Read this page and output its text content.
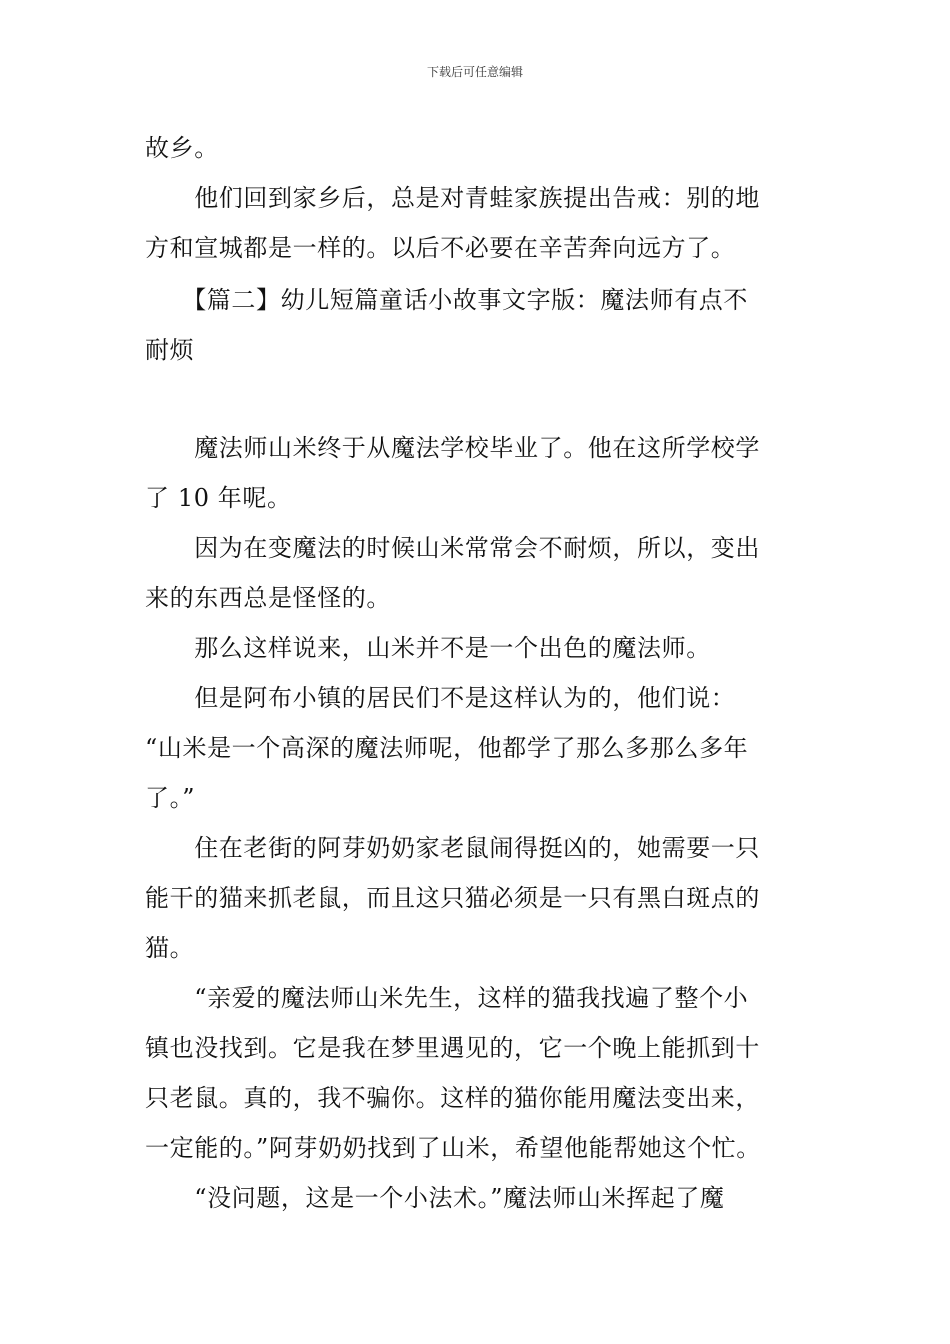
下载后可任意编辑
故乡。
　　他们回到家乡后，总是对青蛙家族提出告戒：别的地
方和宣城都是一样的。以后不必要在辛苦奔向远方了。
　　【篇二】幼儿短篇童话小故事文字版：魔法师有点不
耐烦
　　魔法师山米终于从魔法学校毕业了。他在这所学校学
了 10 年呢。
　　因为在变魔法的时候山米常常会不耐烦，所以，变出
来的东西总是怪怪的。
　　那么这样说来，山米并不是一个出色的魔法师。
　　但是阿布小镇的居民们不是这样认为的，他们说：
“山米是一个高深的魔法师呢，他都学了那么多那么多年
了。”
　　住在老街的阿芽奶奶家老鼠闹得挺凶的，她需要一只
能干的猫来抓老鼠，而且这只猫必须是一只有黑白斑点的
猫。
　　“亲爱的魔法师山米先生，这样的猫我找遍了整个小
镇也没找到。它是我在梦里遇见的，它一个晚上能抓到十
只老鼠。真的，我不骗你。这样的猫你能用魔法变出来，
一定能的。”阿芽奶奶找到了山米，希望他能帮她这个忙。
　　“没问题，这是一个小法术。”魔法师山米挥起了魔
